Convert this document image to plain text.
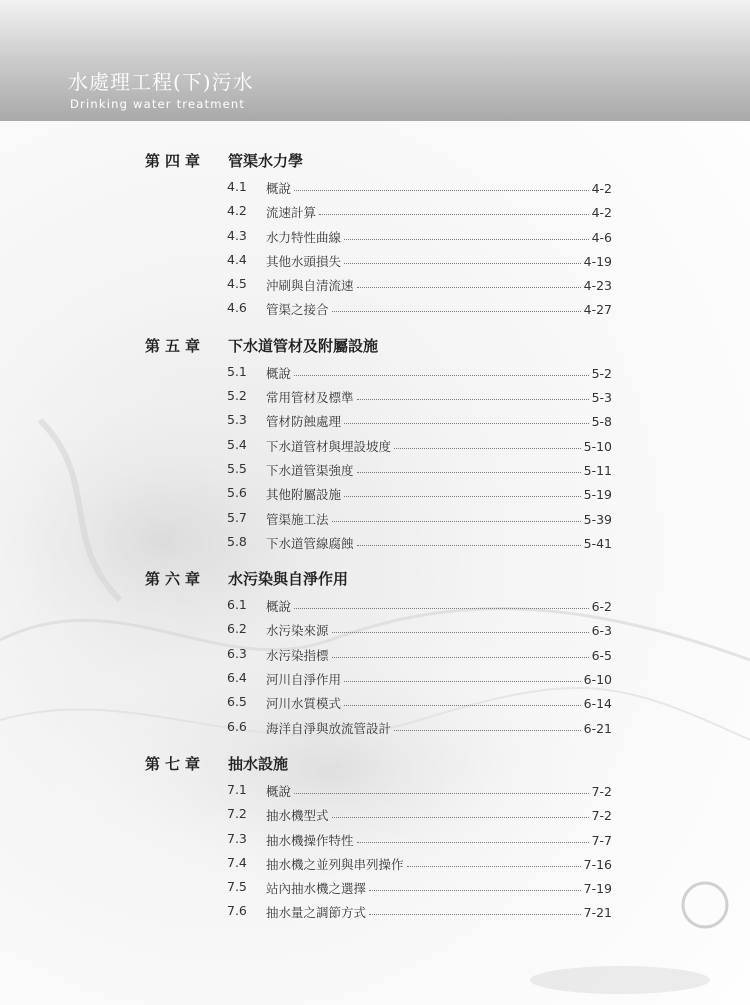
水處理工程(下)污水
Drinking water treatment
第四章 管渠水力學
4.1 概說	4-2
4.2 流速計算	4-2
4.3 水力特性曲線	4-6
4.4 其他水頭損失	4-19
4.5 沖刷與自清流速	4-23
4.6 管渠之接合	4-27
第五章 下水道管材及附屬設施
5.1 概說	5-2
5.2 常用管材及標準	5-3
5.3 管材防蝕處理	5-8
5.4 下水道管材與埋設坡度	5-10
5.5 下水道管渠強度	5-11
5.6 其他附屬設施	5-19
5.7 管渠施工法	5-39
5.8 下水道管線腐蝕	5-41
第六章 水污染與自淨作用
6.1 概說	6-2
6.2 水污染來源	6-3
6.3 水污染指標	6-5
6.4 河川自淨作用	6-10
6.5 河川水質模式	6-14
6.6 海洋自淨與放流管設計	6-21
第七章 抽水設施
7.1 概說	7-2
7.2 抽水機型式	7-2
7.3 抽水機操作特性	7-7
7.4 抽水機之並列與串列操作	7-16
7.5 站內抽水機之選擇	7-19
7.6 抽水量之調節方式	7-21
